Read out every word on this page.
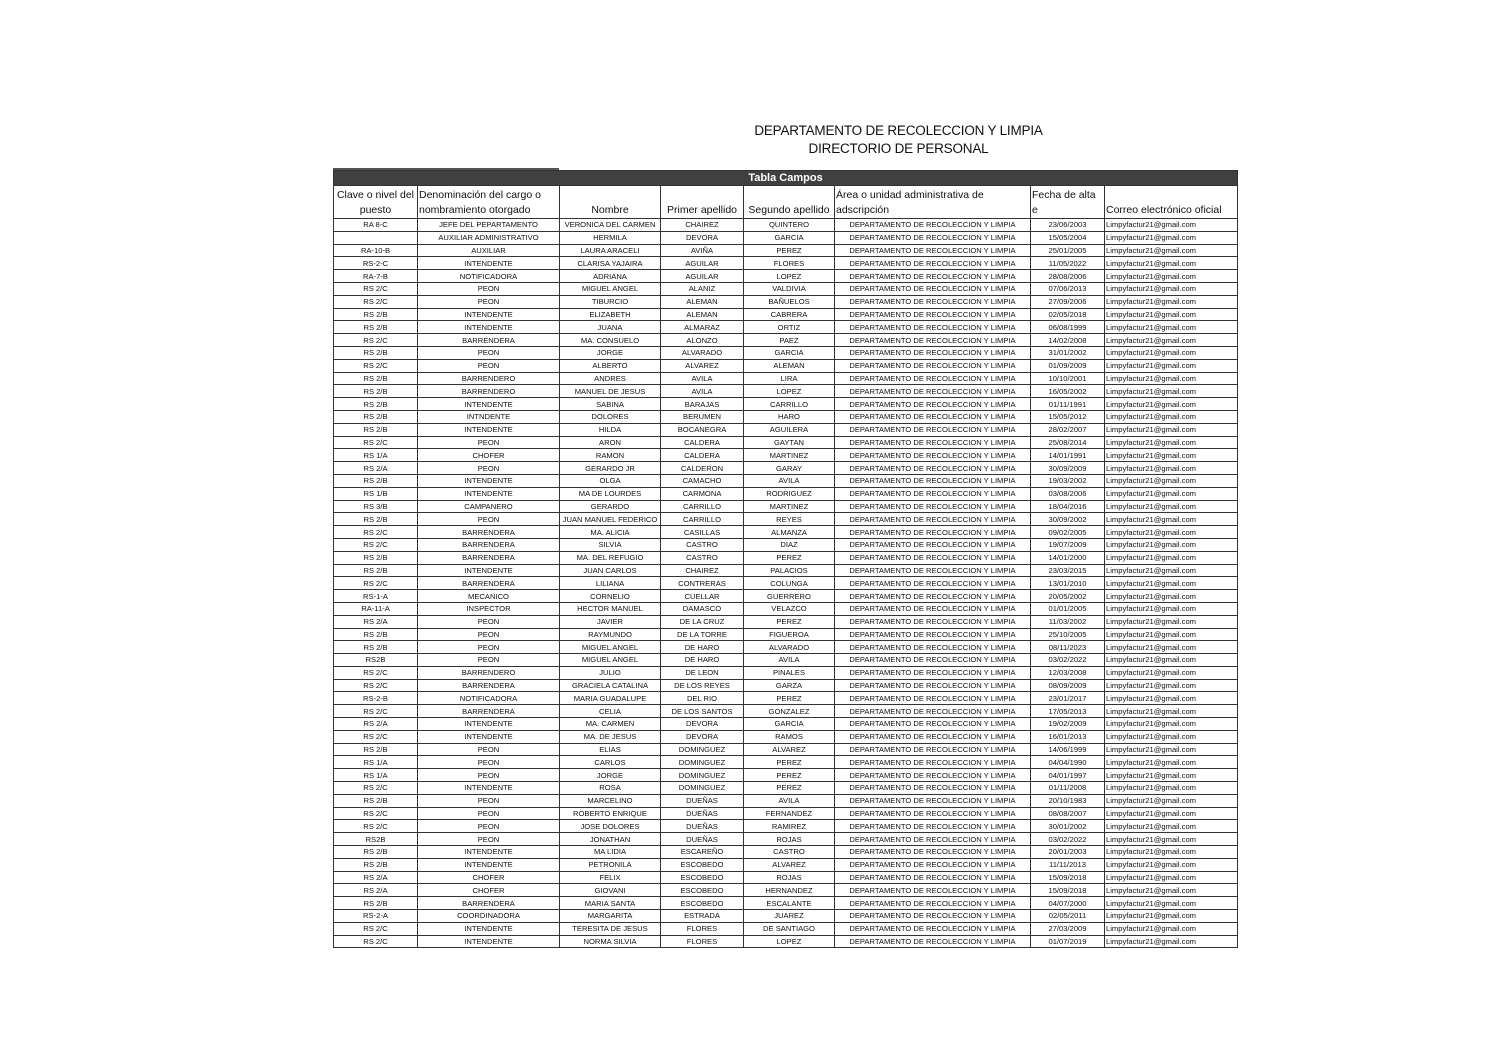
DEPARTAMENTO DE RECOLECCION Y LIMPIA
DIRECTORIO DE PERSONAL
Tabla Campos							
Clave o nivel del puesto	Denominación del cargo o nombramiento otorgado	Nombre	Primer apellido	Segundo apellido	Área o unidad administrativa de adscripción	Fecha de alta e	Correo electrónico oficial
RA 8-C	JEFE DEL PEPARTAMENTO	VERONICA DEL CARMEN	CHAIREZ	QUINTERO	DEPARTAMENTO DE RECOLECCION Y LIMPIA	23/06/2003	Limpyfactur21@gmail.com
	AUXILIAR ADMINISTRATIVO	HERMILA	DEVORA	GARCIA	DEPARTAMENTO DE RECOLECCION Y LIMPIA	15/05/2004	Limpyfactur21@gmail.com
RA-10-B	AUXILIAR	LAURA ARACELI	AVIÑA	PEREZ	DEPARTAMENTO DE RECOLECCION Y LIMPIA	25/01/2005	Limpyfactur21@gmail.com
RS-2-C	INTENDENTE	CLARISA YAJAIRA	AGUILAR	FLORES	DEPARTAMENTO DE RECOLECCION Y LIMPIA	11/05/2022	Limpyfactur21@gmail.com
RA-7-B	NOTIFICADORA	ADRIANA	AGUILAR	LOPEZ	DEPARTAMENTO DE RECOLECCION Y LIMPIA	28/08/2006	Limpyfactur21@gmail.com
RS 2/C	PEON	MIGUEL ANGEL	ALANIZ	VALDIVIA	DEPARTAMENTO DE RECOLECCION Y LIMPIA	07/06/2013	Limpyfactur21@gmail.com
RS 2/C	PEON	TIBURCIO	ALEMAN	BAÑUELOS	DEPARTAMENTO DE RECOLECCION Y LIMPIA	27/09/2006	Limpyfactur21@gmail.com
RS 2/B	INTENDENTE	ELIZABETH	ALEMAN	CABRERA	DEPARTAMENTO DE RECOLECCION Y LIMPIA	02/05/2018	Limpyfactur21@gmail.com
RS 2/B	INTENDENTE	JUANA	ALMARAZ	ORTIZ	DEPARTAMENTO DE RECOLECCION Y LIMPIA	06/08/1999	Limpyfactur21@gmail.com
RS 2/C	BARRENDERA	MA. CONSUELO	ALONZO	PAEZ	DEPARTAMENTO DE RECOLECCION Y LIMPIA	14/02/2008	Limpyfactur21@gmail.com
RS 2/B	PEON	JORGE	ALVARADO	GARCIA	DEPARTAMENTO DE RECOLECCION Y LIMPIA	31/01/2002	Limpyfactur21@gmail.com
RS 2/C	PEON	ALBERTO	ALVAREZ	ALEMAN	DEPARTAMENTO DE RECOLECCION Y LIMPIA	01/09/2009	Limpyfactur21@gmail.com
RS 2/B	BARRENDERO	ANDRES	AVILA	LIRA	DEPARTAMENTO DE RECOLECCION Y LIMPIA	10/10/2001	Limpyfactur21@gmail.com
RS 2/B	BARRENDERO	MANUEL DE JESUS	AVILA	LOPEZ	DEPARTAMENTO DE RECOLECCION Y LIMPIA	16/05/2002	Limpyfactur21@gmail.com
RS 2/B	INTENDENTE	SABINA	BARAJAS	CARRILLO	DEPARTAMENTO DE RECOLECCION Y LIMPIA	01/11/1991	Limpyfactur21@gmail.com
RS 2/B	INTNDENTE	DOLORES	BERUMEN	HARO	DEPARTAMENTO DE RECOLECCION Y LIMPIA	15/05/2012	Limpyfactur21@gmail.com
RS 2/B	INTENDENTE	HILDA	BOCANEGRA	AGUILERA	DEPARTAMENTO DE RECOLECCION Y LIMPIA	28/02/2007	Limpyfactur21@gmail.com
RS 2/C	PEON	ARON	CALDERA	GAYTAN	DEPARTAMENTO DE RECOLECCION Y LIMPIA	25/08/2014	Limpyfactur21@gmail.com
RS 1/A	CHOFER	RAMON	CALDERA	MARTINEZ	DEPARTAMENTO DE RECOLECCION Y LIMPIA	14/01/1991	Limpyfactur21@gmail.com
RS 2/A	PEON	GERARDO JR	CALDERON	GARAY	DEPARTAMENTO DE RECOLECCION Y LIMPIA	30/09/2009	Limpyfactur21@gmail.com
RS 2/B	INTENDENTE	OLGA	CAMACHO	AVILA	DEPARTAMENTO DE RECOLECCION Y LIMPIA	19/03/2002	Limpyfactur21@gmail.com
RS 1/B	INTENDENTE	MA DE LOURDES	CARMONA	RODRIGUEZ	DEPARTAMENTO DE RECOLECCION Y LIMPIA	03/08/2006	Limpyfactur21@gmail.com
RS 3/B	CAMPANERO	GERARDO	CARRILLO	MARTINEZ	DEPARTAMENTO DE RECOLECCION Y LIMPIA	18/04/2016	Limpyfactur21@gmail.com
RS 2/B	PEON	JUAN MANUEL FEDERICO	CARRILLO	REYES	DEPARTAMENTO DE RECOLECCION Y LIMPIA	30/09/2002	Limpyfactur21@gmail.com
RS 2/C	BARRENDERA	MA. ALICIA	CASILLAS	ALMANZA	DEPARTAMENTO DE RECOLECCION Y LIMPIA	09/02/2005	Limpyfactur21@gmail.com
RS 2/C	BARRENDERA	SILVIA	CASTRO	DIAZ	DEPARTAMENTO DE RECOLECCION Y LIMPIA	19/07/2009	Limpyfactur21@gmail.com
RS 2/B	BARRENDERA	MA. DEL REFUGIO	CASTRO	PEREZ	DEPARTAMENTO DE RECOLECCION Y LIMPIA	14/01/2000	Limpyfactur21@gmail.com
RS 2/B	INTENDENTE	JUAN CARLOS	CHAIREZ	PALACIOS	DEPARTAMENTO DE RECOLECCION Y LIMPIA	23/03/2015	Limpyfactur21@gmail.com
RS 2/C	BARRENDERA	LILIANA	CONTRERAS	COLUNGA	DEPARTAMENTO DE RECOLECCION Y LIMPIA	13/01/2010	Limpyfactur21@gmail.com
RS-1-A	MECANICO	CORNELIO	CUELLAR	GUERRERO	DEPARTAMENTO DE RECOLECCION Y LIMPIA	20/05/2002	Limpyfactur21@gmail.com
RA-11-A	INSPECTOR	HECTOR MANUEL	DAMASCO	VELAZCO	DEPARTAMENTO DE RECOLECCION Y LIMPIA	01/01/2005	Limpyfactur21@gmail.com
RS 2/A	PEON	JAVIER	DE LA CRUZ	PEREZ	DEPARTAMENTO DE RECOLECCION Y LIMPIA	11/03/2002	Limpyfactur21@gmail.com
RS 2/B	PEON	RAYMUNDO	DE LA TORRE	FIGUEROA	DEPARTAMENTO DE RECOLECCION Y LIMPIA	25/10/2005	Limpyfactur21@gmail.com
RS 2/B	PEON	MIGUEL ANGEL	DE HARO	ALVARADO	DEPARTAMENTO DE RECOLECCION Y LIMPIA	08/11/2023	Limpyfactur21@gmail.com
RS2B	PEON	MIGUEL ANGEL	DE HARO	AVILA	DEPARTAMENTO DE RECOLECCION Y LIMPIA	03/02/2022	Limpyfactur21@gmail.com
RS 2/C	BARRENDERO	JULIO	DE LEON	PINALES	DEPARTAMENTO DE RECOLECCION Y LIMPIA	12/03/2008	Limpyfactur21@gmail.com
RS 2/C	BARRENDERA	GRACIELA CATALINA	DE LOS REYES	GARZA	DEPARTAMENTO DE RECOLECCION Y LIMPIA	08/09/2009	Limpyfactur21@gmail.com
RS-2-B	NOTIFICADORA	MARIA GUADALUPE	DEL RIO	PEREZ	DEPARTAMENTO DE RECOLECCION Y LIMPIA	23/01/2017	Limpyfactur21@gmail.com
RS 2/C	BARRENDERA	CELIA	DE LOS SANTOS	GONZALEZ	DEPARTAMENTO DE RECOLECCION Y LIMPIA	17/05/2013	Limpyfactur21@gmail.com
RS 2/A	INTENDENTE	MA. CARMEN	DEVORA	GARCIA	DEPARTAMENTO DE RECOLECCION Y LIMPIA	19/02/2009	Limpyfactur21@gmail.com
RS 2/C	INTENDENTE	MA. DE JESUS	DEVORA	RAMOS	DEPARTAMENTO DE RECOLECCION Y LIMPIA	16/01/2013	Limpyfactur21@gmail.com
RS 2/B	PEON	ELIAS	DOMINGUEZ	ALVAREZ	DEPARTAMENTO DE RECOLECCION Y LIMPIA	14/06/1999	Limpyfactur21@gmail.com
RS 1/A	PEON	CARLOS	DOMINGUEZ	PEREZ	DEPARTAMENTO DE RECOLECCION Y LIMPIA	04/04/1990	Limpyfactur21@gmail.com
RS 1/A	PEON	JORGE	DOMINGUEZ	PEREZ	DEPARTAMENTO DE RECOLECCION Y LIMPIA	04/01/1997	Limpyfactur21@gmail.com
RS 2/C	INTENDENTE	ROSA	DOMINGUEZ	PEREZ	DEPARTAMENTO DE RECOLECCION Y LIMPIA	01/11/2008	Limpyfactur21@gmail.com
RS 2/B	PEON	MARCELINO	DUEÑAS	AVILA	DEPARTAMENTO DE RECOLECCION Y LIMPIA	20/10/1983	Limpyfactur21@gmail.com
RS 2/C	PEON	ROBERTO ENRIQUE	DUEÑAS	FERNANDEZ	DEPARTAMENTO DE RECOLECCION Y LIMPIA	08/08/2007	Limpyfactur21@gmail.com
RS 2/C	PEON	JOSE DOLORES	DUEÑAS	RAMIREZ	DEPARTAMENTO DE RECOLECCION Y LIMPIA	30/01/2002	Limpyfactur21@gmail.com
RS2B	PEON	JONATHAN	DUEÑAS	ROJAS	DEPARTAMENTO DE RECOLECCION Y LIMPIA	03/02/2022	Limpyfactur21@gmail.com
RS 2/B	INTENDENTE	MA LIDIA	ESCAREÑO	CASTRO	DEPARTAMENTO DE RECOLECCION Y LIMPIA	20/01/2003	Limpyfactur21@gmail.com
RS 2/B	INTENDENTE	PETRONILA	ESCOBEDO	ALVAREZ	DEPARTAMENTO DE RECOLECCION Y LIMPIA	11/11/2013	Limpyfactur21@gmail.com
RS 2/A	CHOFER	FELIX	ESCOBEDO	ROJAS	DEPARTAMENTO DE RECOLECCION Y LIMPIA	15/09/2018	Limpyfactur21@gmail.com
RS 2/A	CHOFER	GIOVANI	ESCOBEDO	HERNANDEZ	DEPARTAMENTO DE RECOLECCION Y LIMPIA	15/09/2018	Limpyfactur21@gmail.com
RS 2/B	BARRENDERA	MARIA SANTA	ESCOBEDO	ESCALANTE	DEPARTAMENTO DE RECOLECCION Y LIMPIA	04/07/2000	Limpyfactur21@gmail.com
RS-2-A	COORDINADORA	MARGARITA	ESTRADA	JUAREZ	DEPARTAMENTO DE RECOLECCION Y LIMPIA	02/05/2011	Limpyfactur21@gmail.com
RS 2/C	INTENDENTE	TERESITA DE JESUS	FLORES	DE SANTIAGO	DEPARTAMENTO DE RECOLECCION Y LIMPIA	27/03/2009	Limpyfactur21@gmail.com
RS 2/C	INTENDENTE	NORMA SILVIA	FLORES	LOPEZ	DEPARTAMENTO DE RECOLECCION Y LIMPIA	01/07/2019	Limpyfactur21@gmail.com
